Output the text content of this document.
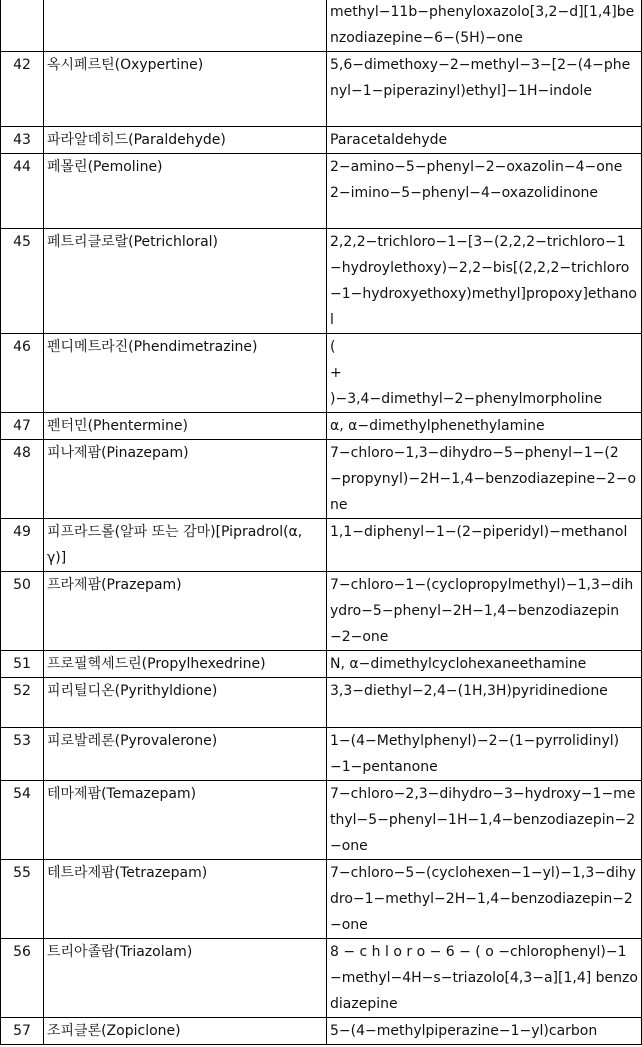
		methyl−11b−phenyloxazolo[3,2−d][1,4]benzodiazepine−6−(5H)−one
42	옥시페르틴(Oxypertine)	5,6−dimethoxy−2−methyl−3−[2−(4−phenyl−1−piperazinyl)ethyl]−1H−indole
43	파라알데히드(Paraldehyde)	Paracetaldehyde
44	페몰린(Pemoline)	2−amino−5−phenyl−2−oxazolin−4−one
2−imino−5−phenyl−4−oxazolidinone
45	페트리클로랄(Petrichloral)	2,2,2−trichloro−1−[3−(2,2,2−trichloro−1−hydroylethoxy)−2,2−bis[(2,2,2−trichloro−1−hydroxyethoxy)methyl]propoxy]ethanol
46	펜디메트라진(Phendimetrazine)	(
+
)−3,4−dimethyl−2−phenylmorpholine
47	펜터민(Phentermine)	α, α−dimethylphenethylamine
48	피나제팜(Pinazepam)	7−chloro−1,3−dihydro−5−phenyl−1−(2−propynyl)−2H−1,4−benzodiazepine−2−one
49	피프라드롤(알파 또는 감마)[Pipradrol(α, γ)]	1,1−diphenyl−1−(2−piperidyl)−methanol
50	프라제팜(Prazepam)	7−chloro−1−(cyclopropylmethyl)−1,3−dihydro−5−phenyl−2H−1,4−benzodiazepin−2−one
51	프로필헥세드린(Propylhexedrine)	N, α−dimethylcyclohexaneethamine
52	피리틸디온(Pyrithyldione)	3,3−diethyl−2,4−(1H,3H)pyridinedione
53	피로발레론(Pyrovalerone)	1−(4−Methylphenyl)−2−(1−pyrrolidinyl)−1−pentanone
54	테마제팜(Temazepam)	7−chloro−2,3−dihydro−3−hydroxy−1−methyl−5−phenyl−1H−1,4−benzodiazepin−2−one
55	테트라제팜(Tetrazepam)	7−chloro−5−(cyclohexen−1−yl)−1,3−dihydro−1−methyl−2H−1,4−benzodiazepin−2−one
56	트리아졸람(Triazolam)	8 − c h l o r o − 6 − ( o −chlorophenyl)−1−methyl−4H−s−triazolo[4,3−a][1,4] benzodiazepine
57	조피클론(Zopiclone)	5−(4−methylpiperazine−1−yl)carbon
